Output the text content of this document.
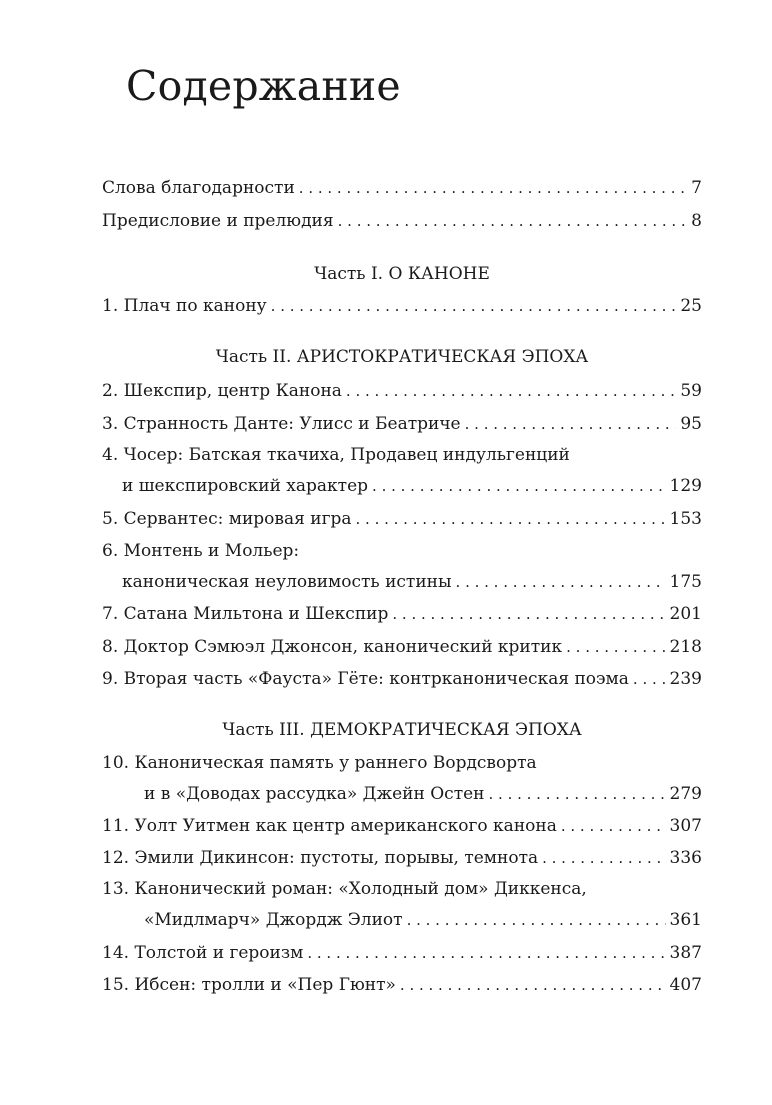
Содержание
Слова благодарности . . .	7
Предисловие и прелюдия . . .	8
Часть I. О КАНОНЕ
1. Плач по канону . . .	25
Часть II. АРИСТОКРАТИЧЕСКАЯ ЭПОХА
2. Шекспир, центр Канона . . .	59
3. Странность Данте: Улисс и Беатриче . . .	95
4. Чосер: Батская ткачиха, Продавец индульгенций
и шекспировский характер . . .	129
5. Сервантес: мировая игра . . .	153
6. Монтень и Мольер:
каноническая неуловимость истины . . .	175
7. Сатана Мильтона и Шекспир . . .	201
8. Доктор Сэмюэл Джонсон, канонический критик . . .	218
9. Вторая часть «Фауста» Гёте: контрканоническая поэма . . . 239
Часть III. ДЕМОКРАТИЧЕСКАЯ ЭПОХА
10. Каноническая память у раннего Вордсворта
и в «Доводах рассудка» Джейн Остен . . .	279
11. Уолт Уитмен как центр американского канона . . .	307
12. Эмили Дикинсон: пустоты, порывы, темнота . . .	336
13. Канонический роман: «Холодный дом» Диккенса,
«Мидлмарч» Джордж Элиот . . .	361
14. Толстой и героизм . . .	387
15. Ибсен: тролли и «Пер Гюнт» . . .	407
